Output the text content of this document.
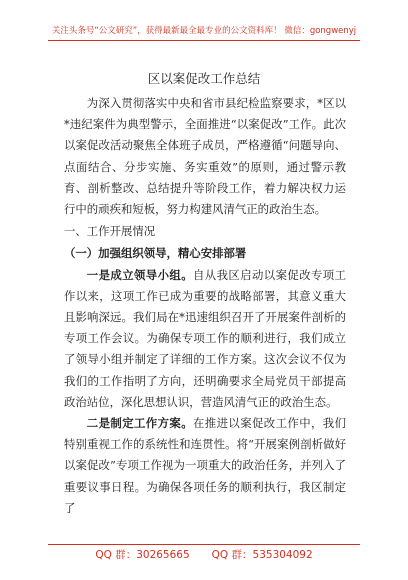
关注头条号“公文研究”，获得最新最全最专业的公文资料库！ 微信：gongwenyj
区以案促改工作总结

为深入贯彻落实中央和省市县纪检监察要求，*区以*违纪案件为典型警示，全面推进“以案促改”工作。此次以案促改活动聚焦全体班子成员，严格遵循“问题导向、点面结合、分步实施、务实重效”的原则，通过警示教育、剖析整改、总结提升等阶段工作，着力解决权力运行中的顽疾和短板，努力构建风清气正的政治生态。

一、工作开展情况

（一）加强组织领导，精心安排部署

一是成立领导小组。自从我区启动以案促改专项工作以来，这项工作已成为重要的战略部署，其意义重大且影响深远。我们局在*迅速组织召开了开展案件剖析的专项工作会议。为确保专项工作的顺利进行，我们成立了领导小组并制定了详细的工作方案。这次会议不仅为我们的工作指明了方向，还明确要求全局党员干部提高政治站位，深化思想认识，营造风清气正的政治生态。

二是制定工作方案。在推进以案促改工作中，我们特别重视工作的系统性和连贯性。将“开展案例剖析做好以案促改”专项工作视为一项重大的政治任务，并列入了重要议事日程。为确保各项任务的顺利执行，我区制定了

QQ 群：30265665 QQ 群：535304092
